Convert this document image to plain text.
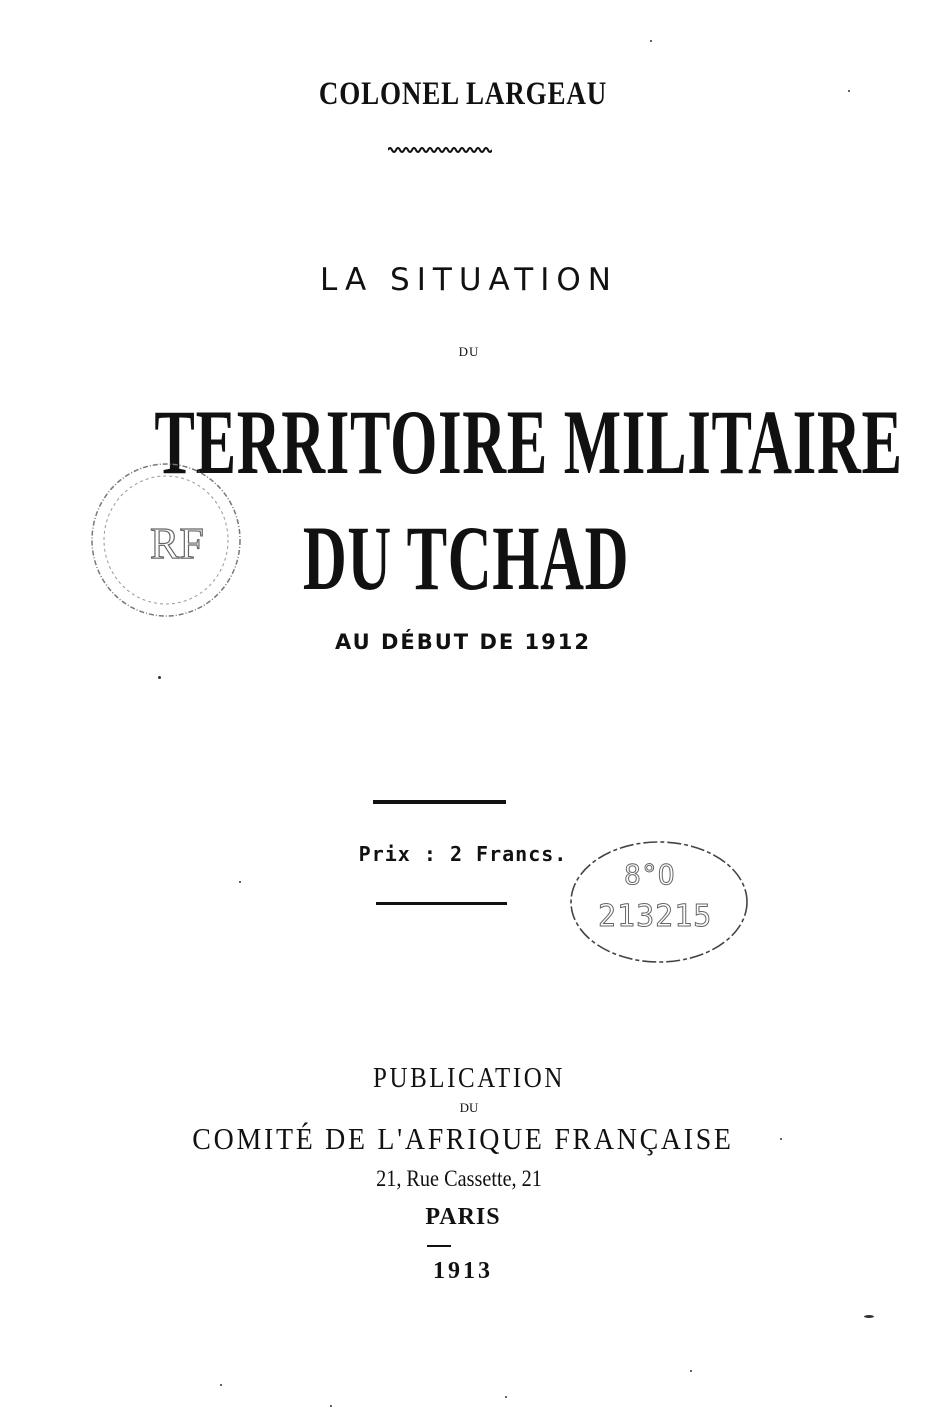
COLONEL LARGEAU

LA SITUATION

DU

TERRITOIRE MILITAIRE

DU TCHAD

AU DÉBUT DE 1912

Prix : 2 Francs.

PUBLICATION

DU

COMITÉ DE L'AFRIQUE FRANÇAISE

21, Rue Cassette, 21

PARIS

1913

RF
8°O
213215
